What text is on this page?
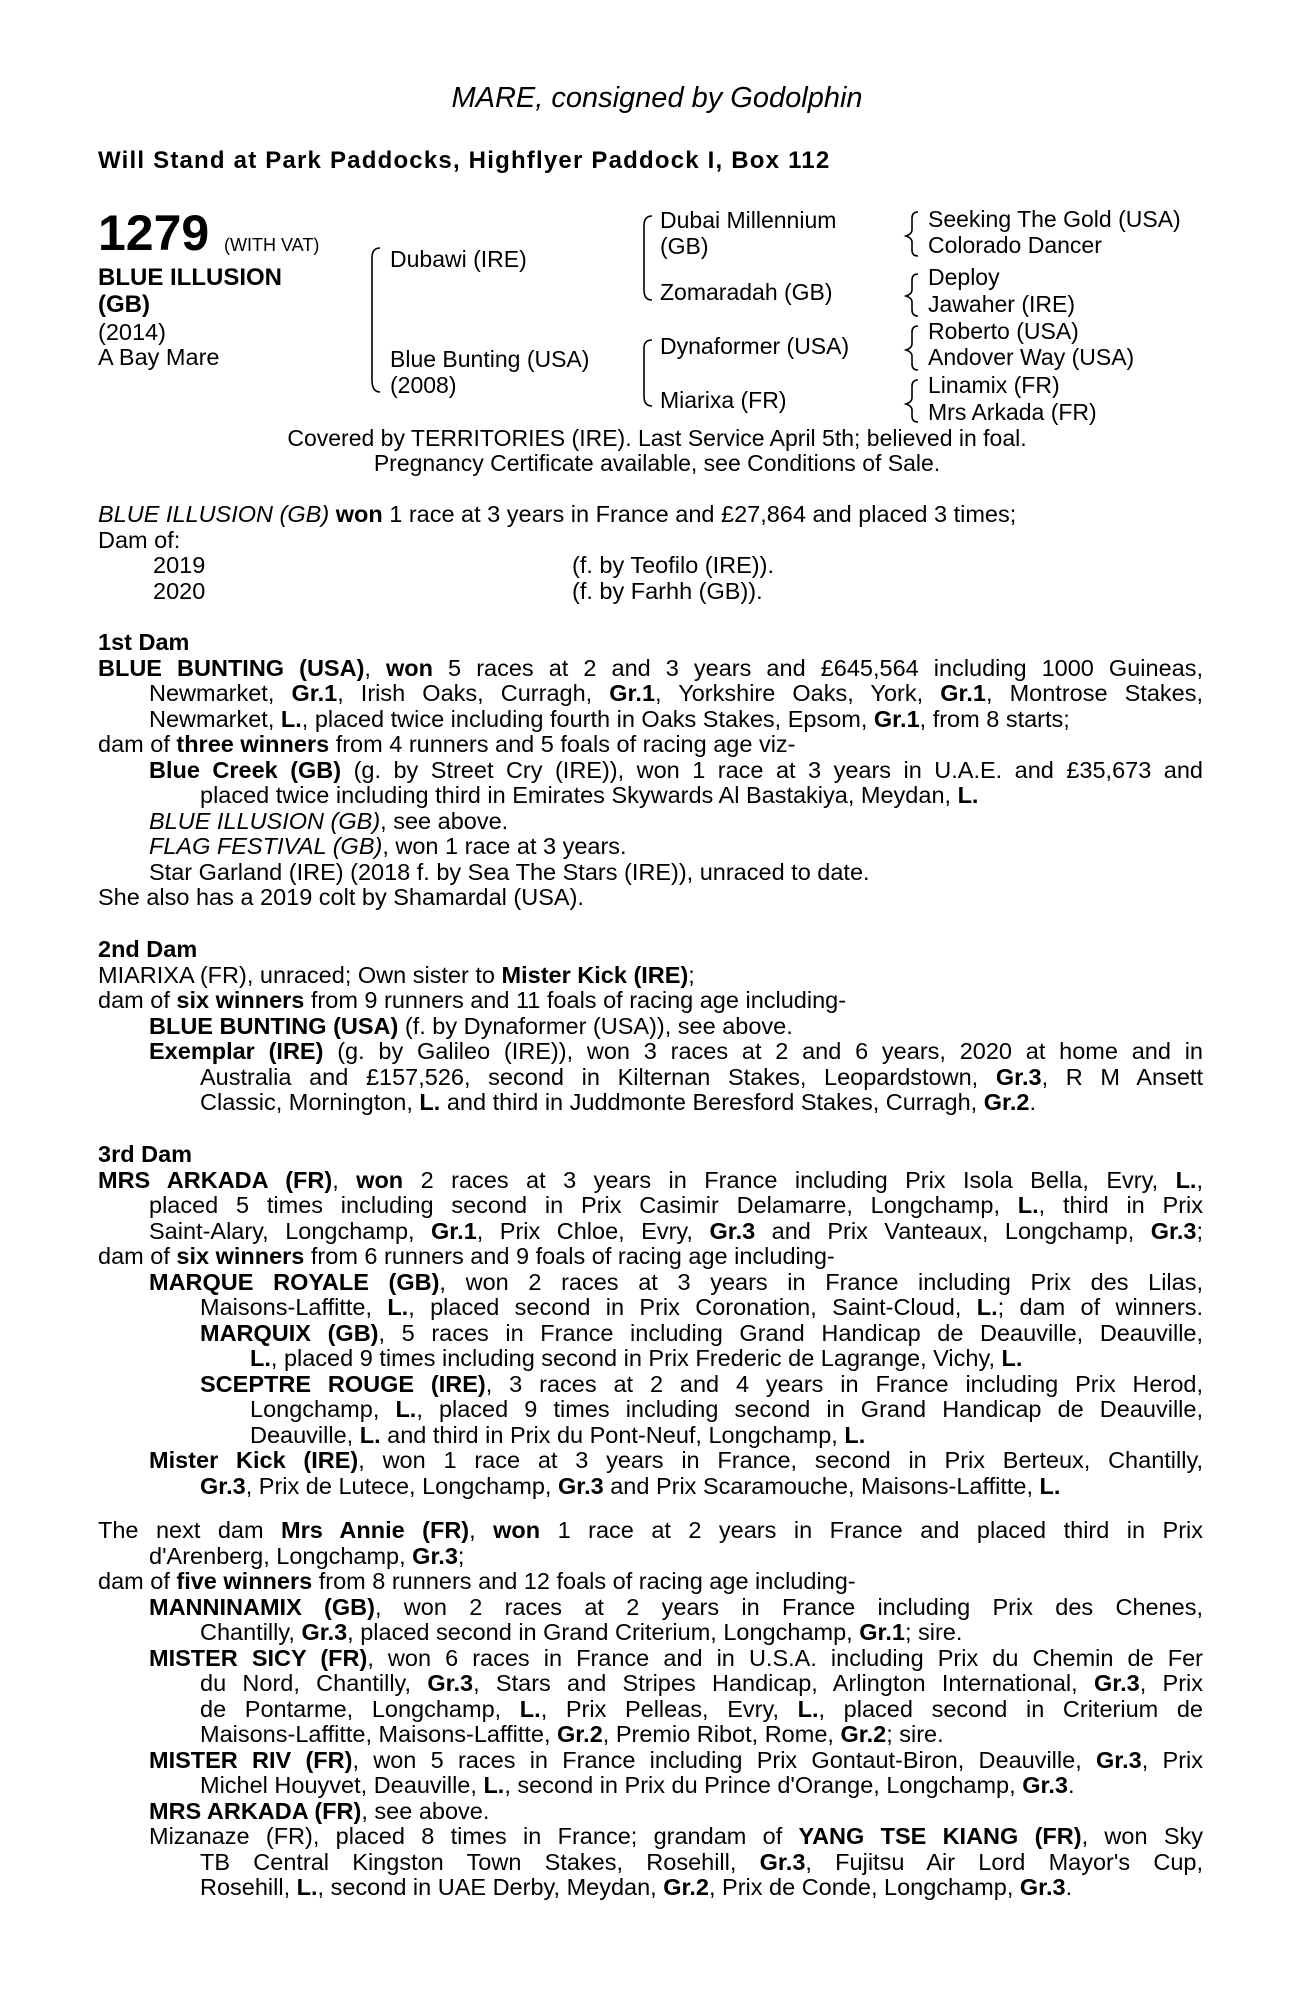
MARE, consigned by Godolphin
Will Stand at Park Paddocks, Highflyer Paddock I, Box 112
1279 (WITH VAT)
BLUE ILLUSION
(GB)
(2014)
A Bay Mare
Dubawi (IRE)
Blue Bunting (USA)
(2008)
Dubai Millennium
(GB)
Zomaradah (GB)
Dynaformer (USA)
Miarixa (FR)
Seeking The Gold (USA)
Colorado Dancer
Deploy
Jawaher (IRE)
Roberto (USA)
Andover Way (USA)
Linamix (FR)
Mrs Arkada (FR)
Covered by TERRITORIES (IRE). Last Service April 5th; believed in foal.
Pregnancy Certificate available, see Conditions of Sale.
BLUE ILLUSION (GB) won 1 race at 3 years in France and £27,864 and placed 3 times;
Dam of:
2019	(f. by Teofilo (IRE)).
2020	(f. by Farhh (GB)).
1st Dam
BLUE BUNTING (USA), won 5 races at 2 and 3 years and £645,564 including 1000 Guineas,
Newmarket, Gr.1, Irish Oaks, Curragh, Gr.1, Yorkshire Oaks, York, Gr.1, Montrose Stakes,
Newmarket, L., placed twice including fourth in Oaks Stakes, Epsom, Gr.1, from 8 starts;
dam of three winners from 4 runners and 5 foals of racing age viz-
Blue Creek (GB) (g. by Street Cry (IRE)), won 1 race at 3 years in U.A.E. and £35,673 and
placed twice including third in Emirates Skywards Al Bastakiya, Meydan, L.
BLUE ILLUSION (GB), see above.
FLAG FESTIVAL (GB), won 1 race at 3 years.
Star Garland (IRE) (2018 f. by Sea The Stars (IRE)), unraced to date.
She also has a 2019 colt by Shamardal (USA).
2nd Dam
MIARIXA (FR), unraced; Own sister to Mister Kick (IRE);
dam of six winners from 9 runners and 11 foals of racing age including-
BLUE BUNTING (USA) (f. by Dynaformer (USA)), see above.
Exemplar (IRE) (g. by Galileo (IRE)), won 3 races at 2 and 6 years, 2020 at home and in
Australia and £157,526, second in Kilternan Stakes, Leopardstown, Gr.3, R M Ansett
Classic, Mornington, L. and third in Juddmonte Beresford Stakes, Curragh, Gr.2.
3rd Dam
MRS ARKADA (FR), won 2 races at 3 years in France including Prix Isola Bella, Evry, L.,
placed 5 times including second in Prix Casimir Delamarre, Longchamp, L., third in Prix
Saint-Alary, Longchamp, Gr.1, Prix Chloe, Evry, Gr.3 and Prix Vanteaux, Longchamp, Gr.3;
dam of six winners from 6 runners and 9 foals of racing age including-
MARQUE ROYALE (GB), won 2 races at 3 years in France including Prix des Lilas,
Maisons-Laffitte, L., placed second in Prix Coronation, Saint-Cloud, L.; dam of winners.
MARQUIX (GB), 5 races in France including Grand Handicap de Deauville, Deauville,
L., placed 9 times including second in Prix Frederic de Lagrange, Vichy, L.
SCEPTRE ROUGE (IRE), 3 races at 2 and 4 years in France including Prix Herod,
Longchamp, L., placed 9 times including second in Grand Handicap de Deauville,
Deauville, L. and third in Prix du Pont-Neuf, Longchamp, L.
Mister Kick (IRE), won 1 race at 3 years in France, second in Prix Berteux, Chantilly,
Gr.3, Prix de Lutece, Longchamp, Gr.3 and Prix Scaramouche, Maisons-Laffitte, L.
The next dam Mrs Annie (FR), won 1 race at 2 years in France and placed third in Prix
d'Arenberg, Longchamp, Gr.3;
dam of five winners from 8 runners and 12 foals of racing age including-
MANNINAMIX (GB), won 2 races at 2 years in France including Prix des Chenes,
Chantilly, Gr.3, placed second in Grand Criterium, Longchamp, Gr.1; sire.
MISTER SICY (FR), won 6 races in France and in U.S.A. including Prix du Chemin de Fer
du Nord, Chantilly, Gr.3, Stars and Stripes Handicap, Arlington International, Gr.3, Prix
de Pontarme, Longchamp, L., Prix Pelleas, Evry, L., placed second in Criterium de
Maisons-Laffitte, Maisons-Laffitte, Gr.2, Premio Ribot, Rome, Gr.2; sire.
MISTER RIV (FR), won 5 races in France including Prix Gontaut-Biron, Deauville, Gr.3, Prix
Michel Houyvet, Deauville, L., second in Prix du Prince d'Orange, Longchamp, Gr.3.
MRS ARKADA (FR), see above.
Mizanaze (FR), placed 8 times in France; grandam of YANG TSE KIANG (FR), won Sky
TB Central Kingston Town Stakes, Rosehill, Gr.3, Fujitsu Air Lord Mayor's Cup,
Rosehill, L., second in UAE Derby, Meydan, Gr.2, Prix de Conde, Longchamp, Gr.3.
